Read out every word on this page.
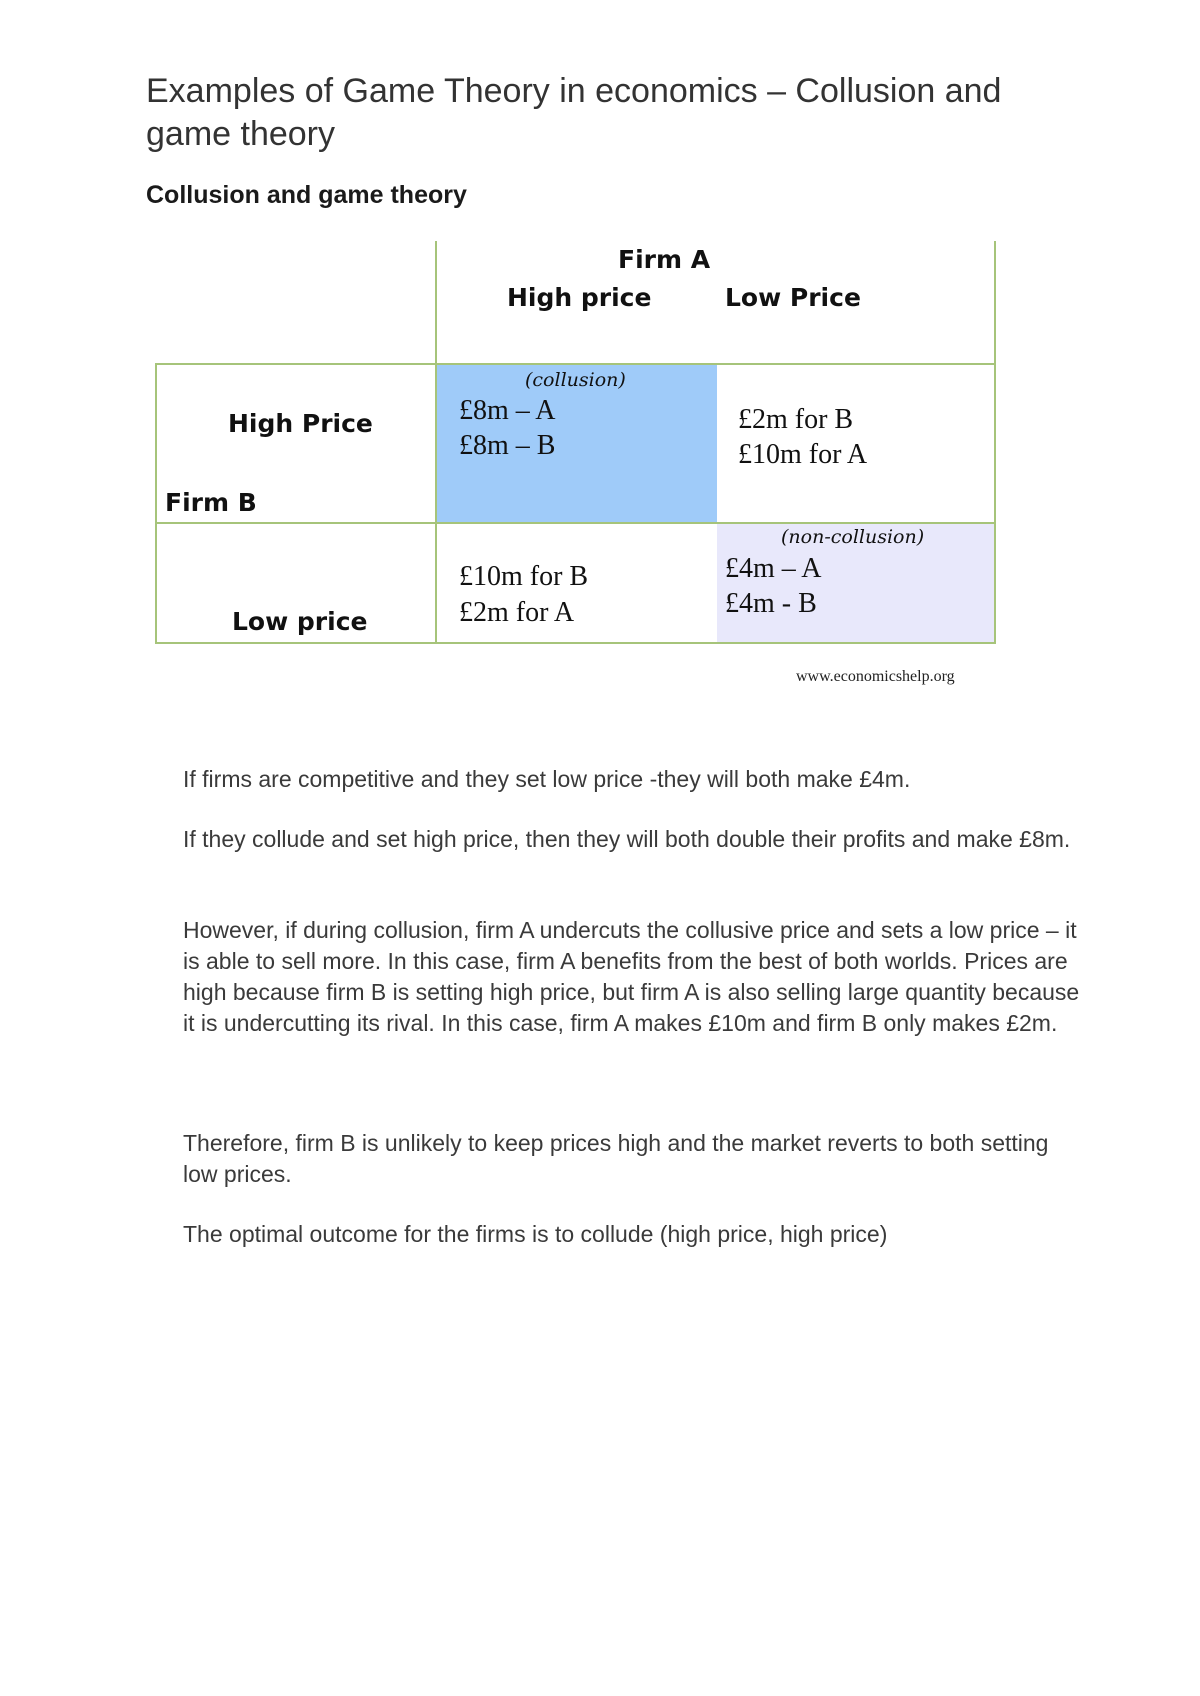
Examples of Game Theory in economics – Collusion and game theory
Collusion and game theory
Firm A
High price	Low Price
High Price
Firm B
Low price
(collusion)
£8m – A
£8m – B
£2m for B
£10m for A
£10m for B
£2m for A
(non-collusion)
£4m – A
£4m - B
www.economicshelp.org

If firms are competitive and they set low price -they will both make £4m.

If they collude and set high price, then they will both double their profits and make £8m.

However, if during collusion, firm A undercuts the collusive price and sets a low price – it is able to sell more. In this case, firm A benefits from the best of both worlds. Prices are high because firm B is setting high price, but firm A is also selling large quantity because it is undercutting its rival. In this case, firm A makes £10m and firm B only makes £2m.

Therefore, firm B is unlikely to keep prices high and the market reverts to both setting low prices.

The optimal outcome for the firms is to collude (high price, high price)
